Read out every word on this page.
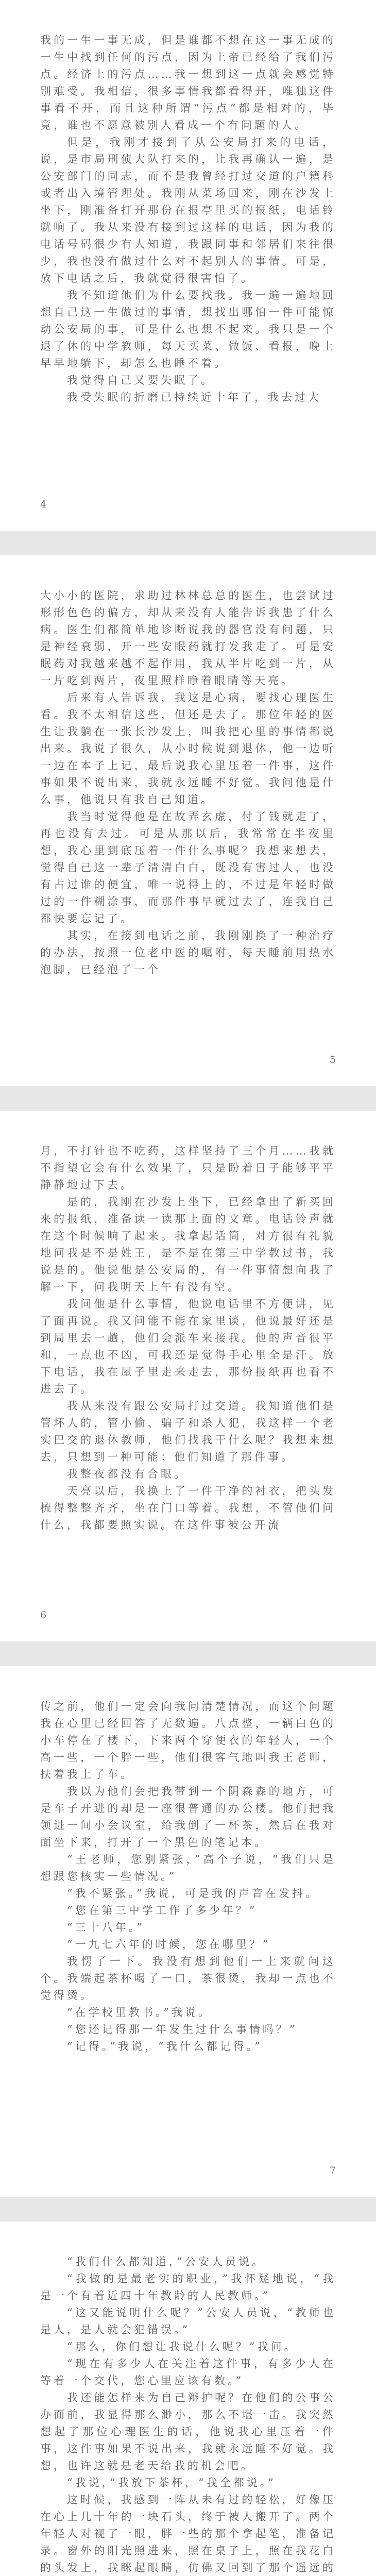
我的一生一事无成，但是谁都不想在这一事无成的一生中找到任何的污点，因为上帝已经给了我们污点。经济上的污点……我一想到这一点就会感觉特别难受。我相信，很多事情我都看得开，唯独这件事看不开，而且这种所谓“污点”都是相对的，毕竟，谁也不愿意被别人看成一个有问题的人。

但是，我刚才接到了从公安局打来的电话，说，是市局刑侦大队打来的，让我再确认一遍，是公安部门的同志，而不是我曾经打过交道的户籍科或者出入境管理处。我刚从菜场回来，刚在沙发上坐下，刚准备打开那份在报亭里买的报纸，电话铃就响了。我从来没有接到过这样的电话，因为我的电话号码很少有人知道，我跟同事和邻居们来往很少，我也没有做过什么对不起别人的事情。可是，放下电话之后，我就觉得很害怕了。

我不知道他们为什么要找我。我一遍一遍地回想自己这一生做过的事情，想找出哪怕一件可能惊动公安局的事，可是什么也想不起来。我只是一个退了休的中学教师，每天买菜、做饭、看报，晚上早早地躺下，却怎么也睡不着。

我觉得自己又要失眠了。

我受失眠的折磨已持续近十年了，我去过大

4

大小小的医院，求助过林林总总的医生，也尝试过形形色色的偏方，却从来没有人能告诉我患了什么病。医生们都简单地诊断说我的器官没有问题，只是神经衰弱，开一些安眠药就打发我走了。可是安眠药对我越来越不起作用，我从半片吃到一片，从一片吃到两片，夜里照样睁着眼睛等天亮。

后来有人告诉我，我这是心病，要找心理医生看。我不太相信这些，但还是去了。那位年轻的医生让我躺在一张长沙发上，叫我把心里的事情都说出来。我说了很久，从小时候说到退休，他一边听一边在本子上记，最后说我心里压着一件事，这件事如果不说出来，我就永远睡不好觉。我问他是什么事，他说只有我自己知道。

我当时觉得他是在故弄玄虚，付了钱就走了，再也没有去过。可是从那以后，我常常在半夜里想，我心里到底压着一件什么事呢？我想来想去，觉得自己这一辈子清清白白，既没有害过人，也没有占过谁的便宜，唯一说得上的，不过是年轻时做过的一件糊涂事，而那件事早就过去了，连我自己都快要忘记了。

其实，在接到电话之前，我刚刚换了一种治疗的办法，按照一位老中医的嘱咐，每天睡前用热水泡脚，已经泡了一个

5

月，不打针也不吃药，这样坚持了三个月……我就不指望它会有什么效果了，只是盼着日子能够平平静静地过下去。

是的，我刚在沙发上坐下，已经拿出了新买回来的报纸，准备读一读那上面的文章。电话铃声就在这个时候响了起来。我拿起话筒，对方很有礼貌地问我是不是姓王，是不是在第三中学教过书，我说是的。他说他是公安局的，有一件事情想向我了解一下，问我明天上午有没有空。

我问他是什么事情，他说电话里不方便讲，见了面再说。我又问能不能在家里谈，他说最好还是到局里去一趟，他们会派车来接我。他的声音很平和，一点也不凶，可我还是觉得手心里全是汗。放下电话，我在屋子里走来走去，那份报纸再也看不进去了。

我从来没有跟公安局打过交道。我知道他们是管坏人的，管小偷、骗子和杀人犯，我这样一个老实巴交的退休教师，他们找我干什么呢？我想来想去，只想到一种可能：他们知道了那件事。

我整夜都没有合眼。

天亮以后，我换上了一件干净的衬衣，把头发梳得整整齐齐，坐在门口等着。我想，不管他们问什么，我都要照实说。在这件事被公开流

6

传之前，他们一定会向我问清楚情况，而这个问题我在心里已经回答了无数遍。八点整，一辆白色的小车停在了楼下，下来两个穿便衣的年轻人，一个高一些，一个胖一些，他们很客气地叫我王老师，扶着我上了车。

我以为他们会把我带到一个阴森森的地方，可是车子开进的却是一座很普通的办公楼。他们把我领进一间小会议室，给我倒了一杯茶，然后在我对面坐下来，打开了一个黑色的笔记本。

“王老师，您别紧张，”高个子说，“我们只是想跟您核实一些情况。”

“我不紧张。”我说，可是我的声音在发抖。

“您在第三中学工作了多少年？”

“三十八年。”

“一九七六年的时候，您在哪里？”

我愣了一下。我没有想到他们一上来就问这个。我端起茶杯喝了一口，茶很烫，我却一点也不觉得烫。

“在学校里教书。”我说。

“您还记得那一年发生过什么事情吗？”

“记得。”我说，“我什么都记得。”

7

“我们什么都知道，”公安人员说。

“我做的是最老实的职业，”我怀疑地说，“我是一个有着近四十年教龄的人民教师。”

“这又能说明什么呢？”公安人员说，“教师也是人，是人就会犯错误。”

“那么，你们想让我说什么呢？”我问。

“现在有多少人在关注着这件事，有多少人在等着一个交代，您心里应该有数。”

我还能怎样来为自己辩护呢？在他们的公事公办面前，我显得那么渺小，那么不堪一击。我突然想起了那位心理医生的话，他说我心里压着一件事，这件事如果不说出来，我就永远睡不好觉。我想，也许这就是老天给我的机会吧。

“我说，”我放下茶杯，“我全都说。”

这时候，我感到一阵从未有过的轻松，好像压在心上几十年的一块石头，终于被人搬开了。两个年轻人对视了一眼，胖一些的那个拿起笔，准备记录。窗外的阳光照进来，照在桌子上，照在我花白的头发上，我眯起眼睛，仿佛又回到了那个遥远的
